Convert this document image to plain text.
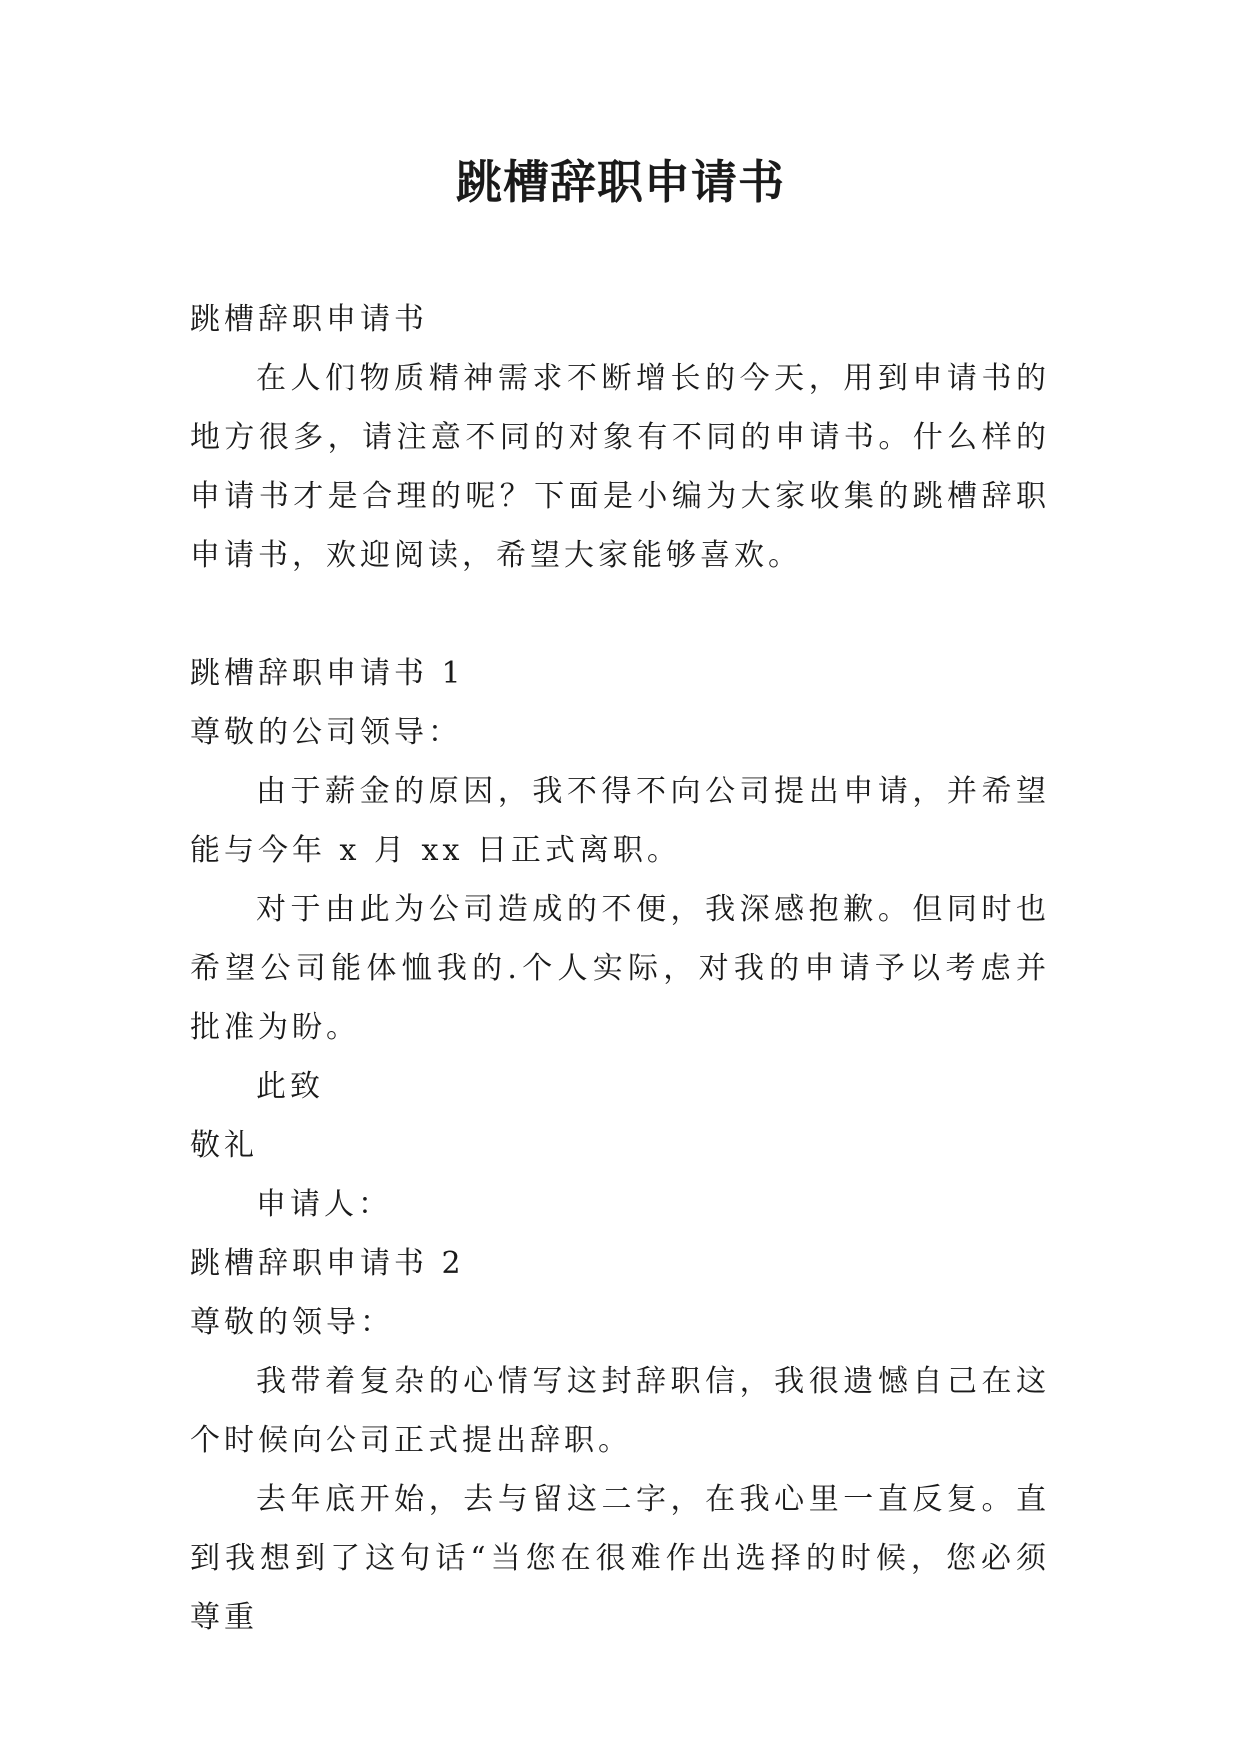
跳槽辞职申请书

跳槽辞职申请书

在人们物质精神需求不断增长的今天，用到申请书的地方很多，请注意不同的对象有不同的申请书。什么样的申请书才是合理的呢？下面是小编为大家收集的跳槽辞职申请书，欢迎阅读，希望大家能够喜欢。

跳槽辞职申请书 1

尊敬的公司领导：

由于薪金的原因，我不得不向公司提出申请，并希望能与今年 x 月 xx 日正式离职。

对于由此为公司造成的不便，我深感抱歉。但同时也希望公司能体恤我的.个人实际，对我的申请予以考虑并批准为盼。

此致

敬礼

申请人：

跳槽辞职申请书 2

尊敬的领导：

我带着复杂的心情写这封辞职信，我很遗憾自己在这个时候向公司正式提出辞职。

去年底开始，去与留这二字，在我心里一直反复。直到我想到了这句话“当您在很难作出选择的时候，您必须尊重
